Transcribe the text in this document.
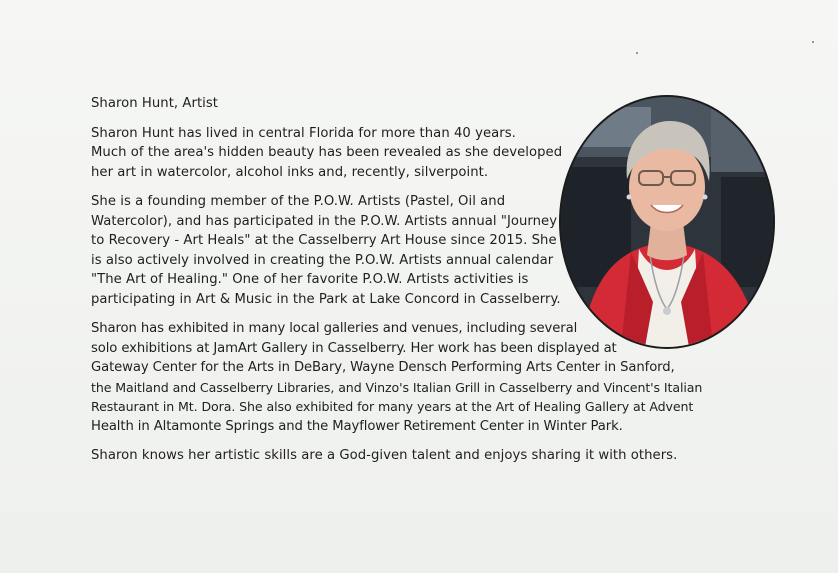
Sharon Hunt, Artist
Sharon Hunt has lived in central Florida for more than 40 years.
Much of the area's hidden beauty has been revealed as she developed
her art in watercolor, alcohol inks and, recently, silverpoint.
She is a founding member of the P.O.W. Artists (Pastel, Oil and
Watercolor), and has participated in the P.O.W. Artists annual "Journey
to Recovery - Art Heals" at the Casselberry Art House since 2015. She
is also actively involved in creating the P.O.W. Artists annual calendar
"The Art of Healing." One of her favorite P.O.W. Artists activities is
participating in Art & Music in the Park at Lake Concord in Casselberry.
Sharon has exhibited in many local galleries and venues, including several
solo exhibitions at JamArt Gallery in Casselberry. Her work has been displayed at
Gateway Center for the Arts in DeBary, Wayne Densch Performing Arts Center in Sanford,
the Maitland and Casselberry Libraries, and Vinzo's Italian Grill in Casselberry and Vincent's Italian
Restaurant in Mt. Dora. She also exhibited for many years at the Art of Healing Gallery at Advent
Health in Altamonte Springs and the Mayflower Retirement Center in Winter Park.
Sharon knows her artistic skills are a God-given talent and enjoys sharing it with others.
